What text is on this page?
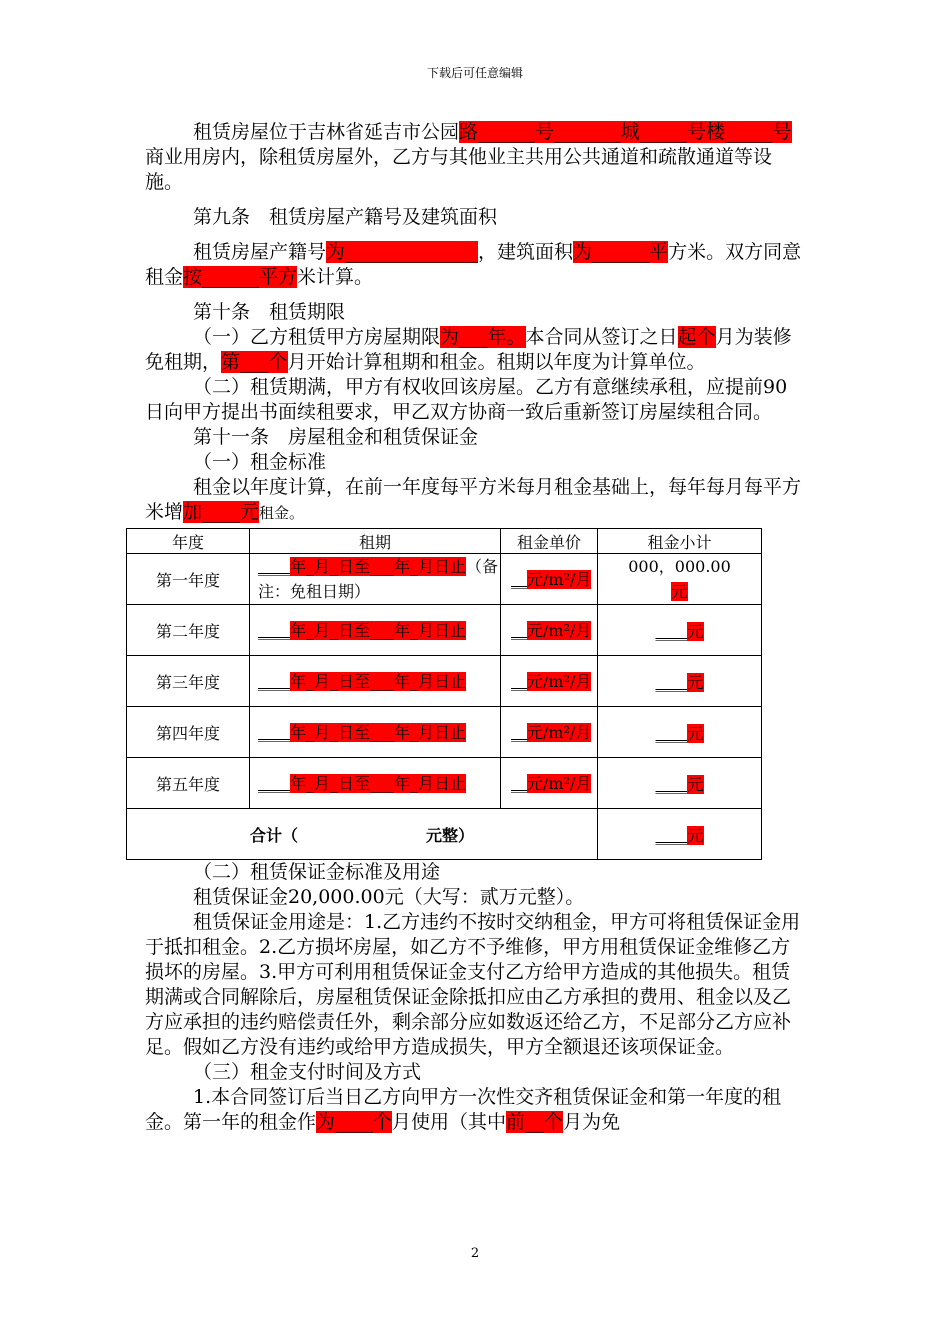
下载后可任意编辑

租赁房屋位于吉林省延吉市公园路______号_______城_____号楼_____号商业用房内，除租赁房屋外，乙方与其他业主共用公共通道和疏散通道等设施。

第九条　租赁房屋产籍号及建筑面积

租赁房屋产籍号为______________，建筑面积为______平方米。双方同意租金按______平方米计算。

第十条　租赁期限

（一）乙方租赁甲方房屋期限为___年。本合同从签订之日起个月为装修免租期，第___个月开始计算租期和租金。租期以年度为计算单位。

（二）租赁期满，甲方有权收回该房屋。乙方有意继续承租，应提前90日向甲方提出书面续租要求，甲乙双方协商一致后重新签订房屋续租合同。

第十一条　房屋租金和租赁保证金

（一）租金标准

租金以年度计算，在前一年度每平方米每月租金基础上，每年每月每平方米增加____元租金。

年度	租期	租金单价	租金小计
第一年度	____年_月_日至___年_月日止（备注：免租日期）	__元/m²/月	000，000.00
元
第二年度	____年_月_日至___年_月日止	__元/m²/月	____元
第三年度	____年_月_日至___年_月日止	__元/m²/月	____元
第四年度	____年_月_日至___年_月日止	__元/m²/月	____元
第五年度	____年_月_日至___年_月日止	__元/m²/月	____元
合计（　　　　　　　　元整）			____元

（二）租赁保证金标准及用途

租赁保证金20,000.00元（大写：贰万元整）。

租赁保证金用途是：1.乙方违约不按时交纳租金，甲方可将租赁保证金用于抵扣租金。2.乙方损坏房屋，如乙方不予维修，甲方用租赁保证金维修乙方损坏的房屋。3.甲方可利用租赁保证金支付乙方给甲方造成的其他损失。租赁期满或合同解除后，房屋租赁保证金除抵扣应由乙方承担的费用、租金以及乙方应承担的违约赔偿责任外，剩余部分应如数返还给乙方，不足部分乙方应补足。假如乙方没有违约或给甲方造成损失，甲方全额退还该项保证金。

（三）租金支付时间及方式

1.本合同签订后当日乙方向甲方一次性交齐租赁保证金和第一年度的租金。第一年的租金作为____个月使用（其中前__个月为免

2
